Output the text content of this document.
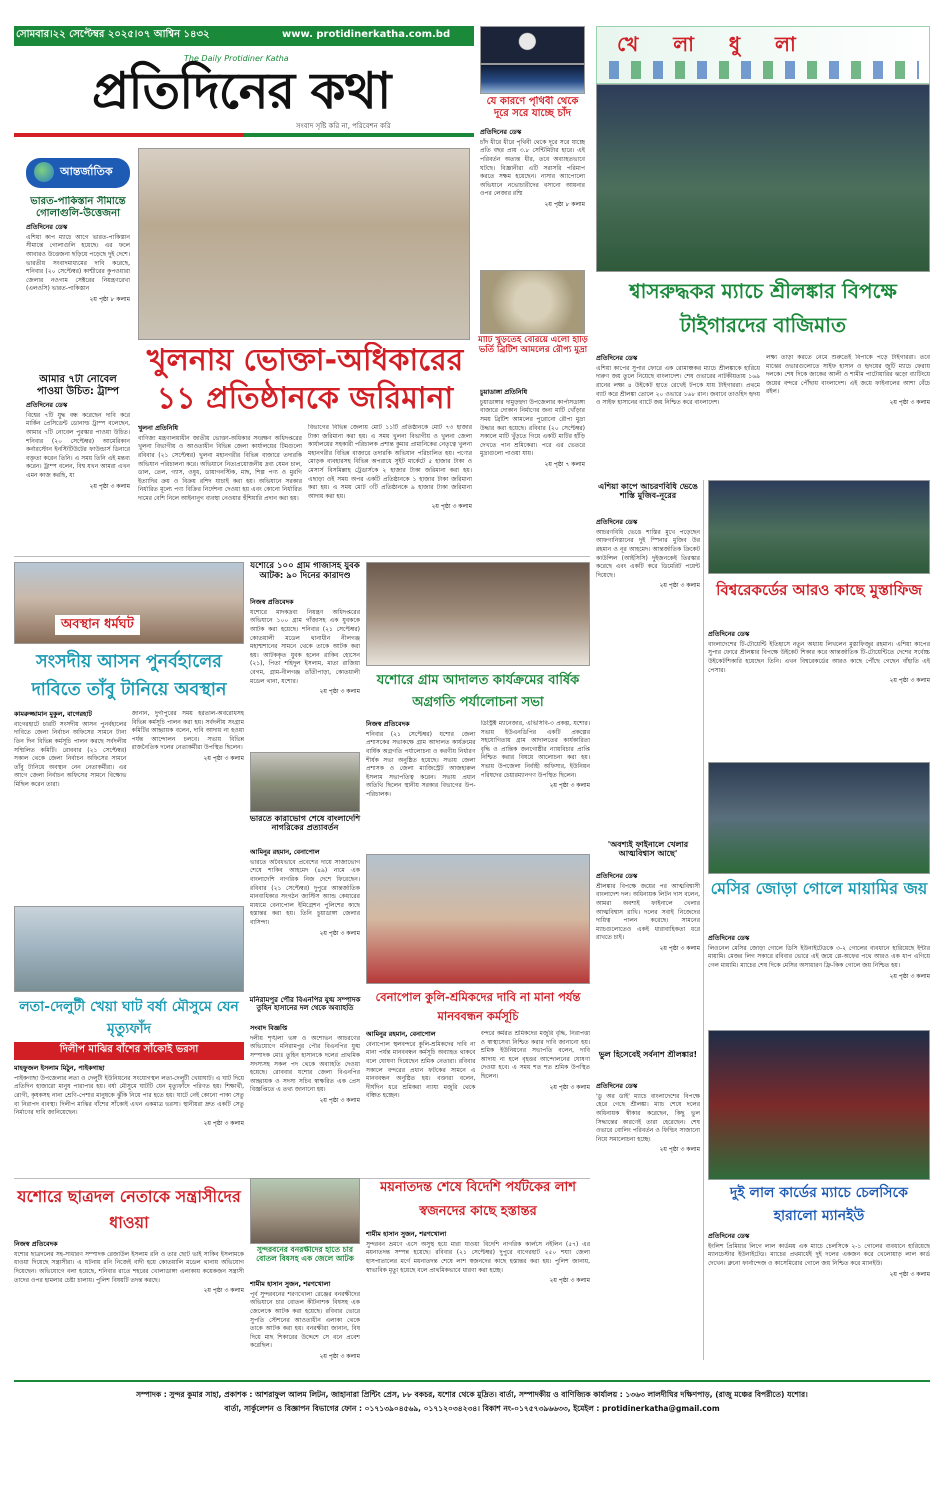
সোমবার।২২ সেপ্টেম্বর ২০২৫।০৭ আশ্বিন ১৪৩২	www. protidinerkatha.com.bd
The Daily Protidiner Katha
প্রতিদিনের কথা
সংবাদ সৃষ্টি করি না, পরিবেশন করি
যে কারণে পৃথিবী থেকে দূরে সরে যাচ্ছে চাঁদ
প্রতিদিনের ডেস্ক
চাঁদ ধীরে ধীরে পৃথিবী থেকে দূরে সরে যাচ্ছে প্রতি বছর প্রায় ৩.৮ সেন্টিমিটার হারে। এই পরিবর্তন অত্যন্ত ধীর, তবে অব্যাহতভাবে ঘটছে। বিজ্ঞানীরা এটি সরাসরি পরিমাপ করতে সক্ষম হয়েছেন। নাসার অ্যাপোলো অভিযানে নভোচারীদের বসানো আয়নার ওপর লেজার রশ্মি
২য় পৃষ্ঠা ৮ কলাম
মাটি খুঁড়তেই বেরিয়ে এলো হাঁড়ি ভর্তি ব্রিটিশ আমলের রৌপ্য মুদ্রা
চুয়াডাঙ্গা প্রতিনিধি
চুয়াডাঙ্গার দামুড়হুদা উপজেলার কার্পাসডাঙ্গা বাজারে দোকান নির্মাণের জন্য মাটি খোঁড়ার সময় ব্রিটিশ আমলের পুরোনো রৌপ্য মুদ্রা উদ্ধার করা হয়েছে। রবিবার (২০ সেপ্টেম্বর) সকালে মাটি খুঁড়তে গিয়ে একটি মাটির হাঁড়ি দেখতে পান শ্রমিকেরা। পরে এর ভেতরে মুদ্রাগুলো পাওয়া যায়।
২য় পৃষ্ঠা ৭ কলাম
আন্তর্জাতিক
ভারত-পাকিস্তান সীমান্তে গোলাগুলি-উত্তেজনা
প্রতিদিনের ডেস্ক
এশিয়া কাপ ম্যাচে আগে ভারত-পাকিস্তান সীমান্তে গোলাগুলি হয়েছে। এর ফলে আবারও উত্তেজনা ছড়িয়ে পড়েছে দুই দেশে। ভারতীয় সংবাদমাধ্যমের দাবি করেছে, শনিবার (২০ সেপ্টেম্বর) কাশ্মীরের কুপওয়ারা জেলার নওগাম সেক্টরের নিয়ন্ত্রণরেখা (এলওসি) ভারত-পাকিস্তান
২য় পৃষ্ঠা ৮ কলাম
আমার ৭টা নোবেল পাওয়া উচিত: ট্রাম্প
প্রতিদিনের ডেস্ক
বিশ্বের ৭টি যুদ্ধ বন্ধ করেছেন দাবি করে মার্কিন প্রেসিডেন্ট ডোনাল্ড ট্রাম্প বলেছেন, আমার ৭টি নোবেল পুরস্কার পাওয়া উচিত। শনিবার (২০ সেপ্টেম্বর) আমেরিকান কর্নারস্টোন ইনস্টিটিউটের ফাউন্ডার্স ডিনারে বক্তৃতা করেন তিনি। এ সময় তিনি এই মন্তব্য করেন। ট্রাম্প বলেন, বিশ্ব যখন আমরা এখন এমন কাজ করছি, যা
২য় পৃষ্ঠা ৩ কলাম
খুলনায় ভোক্তা-অধিকারের ১১ প্রতিষ্ঠানকে জরিমানা
খুলনা প্রতিনিধি
বাণিজ্য মন্ত্রণালয়াধীন জাতীয় ভোক্তা-অধিকার সংরক্ষণ অধিদপ্তরের খুলনা বিভাগীয় ও আওতাধীন বিভিন্ন জেলা কার্যালয়ের টিমগুলো রবিবার (২১ সেপ্টেম্বর) খুলনা মহানগরীর বিভিন্ন বাজারে তদারকি অভিযান পরিচালনা করে। অভিযানে নিত্যপ্রয়োজনীয় দ্রব্য যেমন চাল, ডাল, তেল, গ্যাস, ওষুধ, ডায়াগনস্টিক, মাছ, শিল্প পণ্য ও মুরগি ইত্যাদির ক্রয় ও বিক্রয় রশিদ যাচাই করা হয়। অভিযানে সরকার নির্ধারিত মূল্যে পণ্য বিক্রির নির্দেশনা দেওয়া হয় এবং কোনো নির্ধারিত দামের বেশি নিলে আইনানুগ ব্যবস্থা নেওয়ার হুঁশিয়ারি প্রদান করা হয়।
বিভাগের বিভিন্ন জেলায় মোট ১১টি প্রতিষ্ঠানকে মোট ৭৩ হাজার টাকা জরিমানা করা হয়। এ সময় খুলনা বিভাগীয় ও খুলনা জেলা কার্যালয়ের সহকারী পরিচালক প্রশান্ত কুমার প্রামানিকের নেতৃত্বে খুলনা মহানগরীর বিভিন্ন বাজারে তদারকি অভিযান পরিচালিত হয়। পণ্যের মোড়ক ব্যবহারসহ বিভিন্ন অপরাধে সুইট মার্কেটে ৫ হাজার টাকা ও মেসার্স বিসমিল্লাহ ট্রেডার্সকে ২ হাজার টাকা জরিমানা করা হয়। এছাড়া ওই সময় অপর একটি প্রতিষ্ঠানকে ১ হাজার টাকা জরিমানা করা হয়। এ সময় মোট ৩টি প্রতিষ্ঠানকে ৯ হাজার টাকা জরিমানা আদায় করা হয়।
২য় পৃষ্ঠা ৩ কলাম
অবস্থান ধর্মঘট
সংসদীয় আসন পুনর্বহালের দাবিতে তাঁবু টানিয়ে অবস্থান
কামরুজ্জামান মুকুল, বাগেরহাট
বাগেরহাটে চারটি সংসদীয় আসন পুনর্বহালের দাবিতে জেলা নির্বাচন অফিসের সামনে টানা তিন দিন বিভিন্ন কর্মসূচি পালন করছে সর্বদলীয় সম্মিলিত কমিটি। রোববার (২১ সেপ্টেম্বর) সকাল থেকে জেলা নির্বাচন অফিসের সামনে তাঁবু টানিয়ে অবস্থান নেন নেতাকর্মীরা। এর আগে জেলা নির্বাচন অফিসের সামনে বিক্ষোভ মিছিল করেন তারা।
জানান, দুর্গাপুরের সময় হরতাল-অবরোধসহ বিভিন্ন কর্মসূচি পালন করা হয়। সর্বদলীয় সংগ্রাম কমিটির আহ্বায়ক বলেন, দাবি আদায় না হওয়া পর্যন্ত আন্দোলন চলবে। সভায় বিভিন্ন রাজনৈতিক দলের নেতাকর্মীরা উপস্থিত ছিলেন।
২য় পৃষ্ঠা ৩ কলাম
যশোরে ১০০ গ্রাম গাঁজাসহ যুবক আটক: ৯০ দিনের কারাদণ্ড
নিজস্ব প্রতিবেদক
যশোরে মাদকদ্রব্য নিয়ন্ত্রণ অধিদপ্তরের অভিযানে ১০০ গ্রাম গাঁজাসহ এক যুবককে আটক করা হয়েছে। শনিবার (২১ সেপ্টেম্বর) কোতয়ালী মডেল থানাধীন নীলগঞ্জ মহাশ্মশানের সামনে থেকে তাকে আটক করা হয়। আটককৃত যুবক হলেন রাকিব হোসেন (২১), পিতা শহিদুল ইসলাম, মাতা রাজিয়া বেগম, গ্রাম-নীলগঞ্জ তাঁতীপাড়া, কোতয়ালী মডেল থানা, যশোর।
২য় পৃষ্ঠা ৩ কলাম
যশোরে গ্রাম আদালত কার্যক্রমের বার্ষিক অগ্রগতি পর্যালোচনা সভা
নিজস্ব প্রতিবেদক
শনিবার (২১ সেপ্টেম্বর) যশোর জেলা প্রশাসকের সভাকক্ষে গ্রাম আদালত কার্যক্রমের বার্ষিক অগ্রগতি পর্যালোচনা ও করণীয় নির্ধারণ শীর্ষক সভা অনুষ্ঠিত হয়েছে। সভায় জেলা প্রশাসক ও জেলা ম্যাজিস্ট্রেট আজহারুল ইসলাম সভাপতিত্ব করেন। সভায় প্রধান অতিথি ছিলেন স্থানীয় সরকার বিভাগের উপ-পরিচালক।
ডিস্ট্রিক্ট ম্যানেজার, এভিসিবি-৩ প্রকল্প, যশোর। সভায় ইউএনডিপির একটি প্রকল্পের সহযোগিতায় গ্রাম আদালতের কার্যকারিতা বৃদ্ধি ও প্রান্তিক জনগোষ্ঠীর ন্যায়বিচার প্রাপ্তি নিশ্চিত করার বিষয়ে আলোচনা করা হয়। সভায় উপজেলা নির্বাহী অফিসার, ইউনিয়ন পরিষদের চেয়ারম্যানগণ উপস্থিত ছিলেন।
২য় পৃষ্ঠা ৩ কলাম
ভারতে কারাভোগ শেষে বাংলাদেশি নাগরিকের প্রত্যাবর্তন
আমিনুর রহমান, বেনাপোল
ভারতে অবৈধভাবে প্রবেশের দায়ে সাজাভোগ শেষে শাকিব আহমেদ (৪৯) নামে এক বাংলাদেশি নাগরিক নিজ দেশে ফিরেছেন। রবিবার (২১ সেপ্টেম্বর) দুপুরে আন্তর্জাতিক মানবাধিকার সংগঠন জাস্টিস অ্যান্ড কেয়ারের মাধ্যমে বেনাপোল ইমিগ্রেশন পুলিশের কাছে হস্তান্তর করা হয়। তিনি চুয়াডাঙ্গা জেলার বাসিন্দা।
২য় পৃষ্ঠা ৩ কলাম
মনিরামপুর পৌর বিএনপির যুগ্ম সম্পাদক তুহিন হাসানের দল থেকে অব্যাহতি
সংবাদ বিজ্ঞপ্তি
দলীয় শৃঙ্খলা ভঙ্গ ও অশোভন আচরণের অভিযোগে মনিরামপুর পৌর বিএনপির যুগ্ম সম্পাদক মোঃ তুহিন হাসানকে দলের প্রাথমিক সদস্যসহ সকল পদ থেকে অব্যাহতি দেওয়া হয়েছে। রোববার যশোর জেলা বিএনপির আহ্বায়ক ও সদস্য সচিব স্বাক্ষরিত এক প্রেস বিজ্ঞপ্তিতে এ তথ্য জানানো হয়।
২য় পৃষ্ঠা ৩ কলাম
বেনাপোল কুলি-শ্রমিকদের দাবি না মানা পর্যন্ত মানববন্ধন কর্মসূচি
আমিনুর রহমান, বেনাপোল
বেনাপোল স্থলবন্দরে কুলি-শ্রমিকদের দাবি না মানা পর্যন্ত মানববন্ধন কর্মসূচি অব্যাহত থাকবে বলে ঘোষণা দিয়েছেন শ্রমিক নেতারা। রবিবার সকালে বন্দরের প্রধান ফটকের সামনে এ মানববন্ধন অনুষ্ঠিত হয়। বক্তারা বলেন, দীর্ঘদিন ধরে শ্রমিকরা ন্যায্য মজুরি থেকে বঞ্চিত হচ্ছেন।
বন্দরে কর্মরত শ্রমিকদের মজুরি বৃদ্ধি, নিরাপত্তা ও স্বাস্থ্যসেবা নিশ্চিত করার দাবি জানানো হয়। শ্রমিক ইউনিয়নের সভাপতি বলেন, দাবি আদায় না হলে বৃহত্তর আন্দোলনের ঘোষণা দেওয়া হবে। এ সময় শত শত শ্রমিক উপস্থিত ছিলেন।
২য় পৃষ্ঠা ৩ কলাম
লতা-দেলুটী খেয়া ঘাট বর্ষা মৌসুমে যেন মৃত্যুফাঁদ
দিলীপ মাঝির বাঁশের সাঁকোই ভরসা
মাহফুজল ইসলাম মিঠুন, পাইকগাছা
পাইকগাছা উপজেলার লতা ও দেলুটী ইউনিয়নের সংযোগস্থল লতা-দেলুটী খেয়াঘাট। এ ঘাট দিয়ে প্রতিদিন হাজারো মানুষ পারাপার হয়। বর্ষা মৌসুমে ঘাটটি যেন মৃত্যুফাঁদে পরিণত হয়। শিক্ষার্থী, রোগী, কৃষকসহ নানা শ্রেণি-পেশার মানুষকে ঝুঁকি নিয়ে পার হতে হয়। ঘাটে নেই কোনো পাকা সেতু বা নিরাপদ ব্যবস্থা। দিলীপ মাঝির বাঁশের সাঁকোই এখন একমাত্র ভরসা। স্থানীয়রা দ্রুত একটি সেতু নির্মাণের দাবি জানিয়েছেন।
২য় পৃষ্ঠা ৩ কলাম
যশোরে ছাত্রদল নেতাকে সন্ত্রাসীদের ধাওয়া
নিজস্ব প্রতিবেদক
যশোর ছাত্রদলের সহ-সাধারণ সম্পাদক রেজাউল ইসলাম রনি ও তার ছোট ভাই সাকিব ইসলামকে ধাওয়া দিয়েছে সন্ত্রাসীরা। এ ঘটনায় রনি নিজেই বাদী হয়ে কোতয়ালি মডেল থানায় অভিযোগ দিয়েছেন। অভিযোগে বলা হয়েছে, শনিবার রাতে শহরের খোলাডাঙ্গা এলাকায় কয়েকজন সন্ত্রাসী তাদের ওপর হামলার চেষ্টা চালায়। পুলিশ বিষয়টি তদন্ত করছে।
২য় পৃষ্ঠা ৩ কলাম
সুন্দরবনের বনরক্ষীদের হাতে চার বোতল বিষসহ এক জেলে আটক
শামীম হাসান সুজন, শরণখোলা
পূর্ব সুন্দরবনের শরণখোলা রেঞ্জের বনরক্ষীদের অভিযানে চার বোতল কীটনাশক বিষসহ এক জেলেকে আটক করা হয়েছে। রবিবার ভোরে সুপতি স্টেশনের আওতাধীন এলাকা থেকে তাকে আটক করা হয়। বনরক্ষীরা জানান, বিষ দিয়ে মাছ শিকারের উদ্দেশে সে বনে প্রবেশ করেছিল।
২য় পৃষ্ঠা ৩ কলাম
ময়নাতদন্ত শেষে বিদেশি পর্যটকের লাশ স্বজনদের কাছে হস্তান্তর
শামীম হাসান সুজন, শরণখোলা
সুন্দরবন ভ্রমণে এসে অসুস্থ হয়ে মারা যাওয়া বিদেশি নাগরিক কার্লসে নইলিন (৫৭) এর ময়নাতদন্ত সম্পন্ন হয়েছে। রবিবার (২১ সেপ্টেম্বর) দুপুরে বাগেরহাট ২৫০ শয্যা জেলা হাসপাতালের মর্গে ময়নাতদন্ত শেষে লাশ স্বজনদের কাছে হস্তান্তর করা হয়। পুলিশ জানায়, স্বাভাবিক মৃত্যু হয়েছে বলে প্রাথমিকভাবে ধারণা করা হচ্ছে।
২য় পৃষ্ঠা ৩ কলাম
খে লা ধু লা
শ্বাসরুদ্ধকর ম্যাচে শ্রীলঙ্কার বিপক্ষে টাইগারদের বাজিমাত
প্রতিদিনের ডেস্ক
এশিয়া কাপের সুপার ফোরে এক রোমাঞ্চকর ম্যাচে শ্রীলঙ্কাকে হারিয়ে দারুণ জয় তুলে নিয়েছে বাংলাদেশ। শেষ ওভারের নাটকীয়তায় ১৬৯ রানের লক্ষ্য ৪ উইকেট হাতে রেখেই টপকে যায় টাইগাররা। প্রথমে ব্যাট করে শ্রীলঙ্কা তোলে ২০ ওভারে ১৬৮ রান। জবাবে তাওহিদ হৃদয় ও সাইফ হাসানের ব্যাটে জয় নিশ্চিত করে বাংলাদেশ।
লক্ষ্য তাড়া করতে নেমে শুরুতেই বিপাকে পড়ে টাইগাররা। তবে মাঝের ওভারগুলোতে সাইফ হাসান ও হৃদয়ের জুটি ম্যাচে ফেরায় দলকে। শেষ দিকে জাকের আলী ও শামীম পাটোয়ারির ঝড়ো ব্যাটিংয়ে জয়ের বন্দরে পৌঁছায় বাংলাদেশ। এই জয়ে ফাইনালের আশা বেঁচে রইল।
২য় পৃষ্ঠা ৩ কলাম
এশিয়া কাপে আচরণবিধি ভেঙে শাস্তি মুজিব-নূরের
প্রতিদিনের ডেস্ক
আচরণবিধি ভেঙে শাস্তির মুখে পড়েছেন আফগানিস্তানের দুই স্পিনার মুজিব উর রহমান ও নূর আহমেদ। আন্তর্জাতিক ক্রিকেট কাউন্সিল (আইসিসি) দুইজনকেই তিরস্কার করেছে এবং একটি করে ডিমেরিট পয়েন্ট দিয়েছে।
২য় পৃষ্ঠা ৩ কলাম
'অবশ্যই ফাইনালে খেলার আত্মবিশ্বাস আছে'
প্রতিদিনের ডেস্ক
শ্রীলঙ্কার বিপক্ষে জয়ের পর আত্মবিশ্বাসী বাংলাদেশ দল। অধিনায়ক লিটন দাস বলেন, আমরা অবশ্যই ফাইনালে খেলার আত্মবিশ্বাস রাখি। দলের সবাই নিজেদের দায়িত্ব পালন করেছে। সামনের ম্যাচগুলোতেও একই ধারাবাহিকতা ধরে রাখতে চাই।
২য় পৃষ্ঠা ৩ কলাম
ভুল হিসেবেই সর্বনাশ শ্রীলঙ্কার!
প্রতিদিনের ডেস্ক
'ডু অর ডাই' ম্যাচে বাংলাদেশের বিপক্ষে হেরে গেছে শ্রীলঙ্কা। ম্যাচ শেষে দলের অধিনায়ক স্বীকার করেছেন, কিছু ভুল সিদ্ধান্তের কারণেই তারা হেরেছেন। শেষ ওভারে বোলিং পরিবর্তন ও ফিল্ডিং সাজানো নিয়ে সমালোচনা হচ্ছে।
২য় পৃষ্ঠা ৩ কলাম
বিশ্বরেকর্ডের আরও কাছে মুস্তাফিজ
প্রতিদিনের ডেস্ক
বাংলাদেশের টি-টোয়েন্টি ইতিহাসে নতুন অধ্যায় লিখলেন মুস্তাফিজুর রহমান। এশিয়া কাপের সুপার ফোরে শ্রীলঙ্কার বিপক্ষে উইকেট শিকার করে আন্তর্জাতিক টি-টোয়েন্টিতে দেশের সর্বোচ্চ উইকেটশিকারি হয়েছেন তিনি। এখন বিশ্বরেকর্ডের আরও কাছে পৌঁছে গেছেন বাঁহাতি এই পেসার।
২য় পৃষ্ঠা ৩ কলাম
মেসির জোড়া গোলে মায়ামির জয়
প্রতিদিনের ডেস্ক
লিওনেল মেসির জোড়া গোলে ডিসি ইউনাইটেডকে ৩-২ গোলের ব্যবধানে হারিয়েছে ইন্টার মায়ামি। মেজর লিগ সকারে রবিবার ভোরে এই জয়ে প্লে-অফের পথে আরও এক ধাপ এগিয়ে গেল মায়ামি। ম্যাচের শেষ দিকে মেসির অসাধারণ ফ্রি-কিক গোলে জয় নিশ্চিত হয়।
২য় পৃষ্ঠা ৩ কলাম
দুই লাল কার্ডের ম্যাচে চেলসিকে হারালো ম্যানইউ
প্রতিদিনের ডেস্ক
ইংলিশ প্রিমিয়ার লিগে লাল কার্ডময় এক ম্যাচে চেলসিকে ২-১ গোলের ব্যবধানে হারিয়েছে ম্যানচেস্টার ইউনাইটেড। ম্যাচের প্রথমার্ধেই দুই দলের একজন করে খেলোয়াড় লাল কার্ড দেখেন। ব্রুনো ফার্নান্দেজ ও কাসেমিরোর গোলে জয় নিশ্চিত করে ম্যানইউ।
২য় পৃষ্ঠা ৩ কলাম
সম্পাদক : সুন্দর কুমার সাহা, প্রকাশক : আশরাফুল আলম লিটন, জাহানারা প্রিন্টিং প্রেস, ৮৮ বকচর, যশোর থেকে মুদ্রিত। বার্তা, সম্পাদকীয় ও বাণিজ্যিক কার্যালয় : ১৩৬৩ লালদীঘির দক্ষিণপাড়, (রাজু মঞ্চের বিপরীতে) যশোর।
বার্তা, সার্কুলেশন ও বিজ্ঞাপন বিভাগের ফোন : ০১৭১৩৯০৪৫৬৯, ০১৭১২০৩৪২৩৪। বিকাশ নং-০১৭৫৭৩৯৬৬৩৩, ইমেইল : protidinerkatha@gmail.com
